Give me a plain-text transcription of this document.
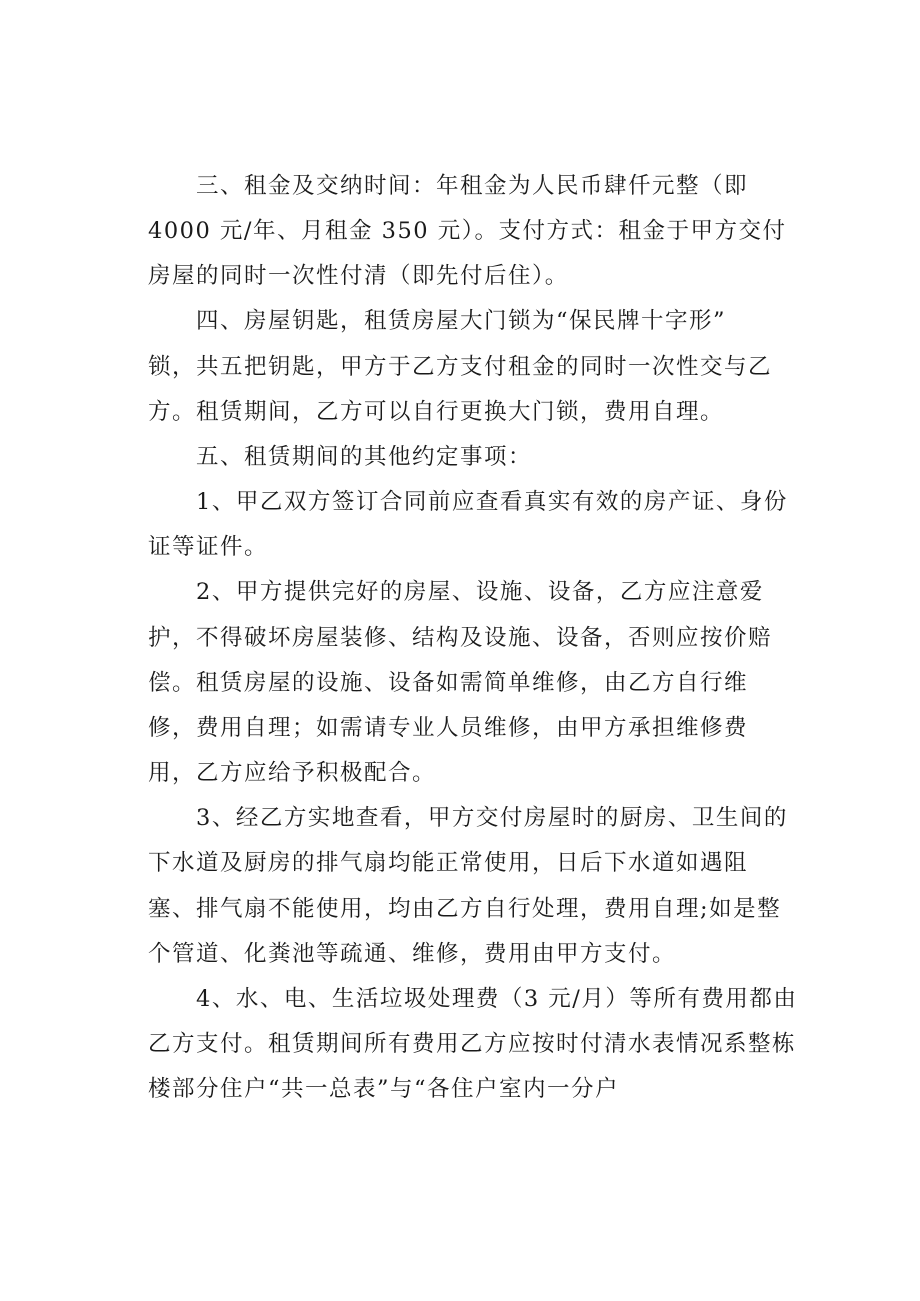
三、租金及交纳时间：年租金为人民币肆仟元整（即
4000 元/年、月租金 350 元）。支付方式：租金于甲方交付
房屋的同时一次性付清（即先付后住）。
四、房屋钥匙，租赁房屋大门锁为“保民牌十字形”
锁，共五把钥匙，甲方于乙方支付租金的同时一次性交与乙
方。租赁期间，乙方可以自行更换大门锁，费用自理。
五、租赁期间的其他约定事项：
1、甲乙双方签订合同前应查看真实有效的房产证、身份
证等证件。
2、甲方提供完好的房屋、设施、设备，乙方应注意爱
护，不得破坏房屋装修、结构及设施、设备，否则应按价赔
偿。租赁房屋的设施、设备如需简单维修，由乙方自行维
修，费用自理；如需请专业人员维修，由甲方承担维修费
用，乙方应给予积极配合。
3、经乙方实地查看，甲方交付房屋时的厨房、卫生间的
下水道及厨房的排气扇均能正常使用，日后下水道如遇阻
塞、排气扇不能使用，均由乙方自行处理，费用自理;如是整
个管道、化粪池等疏通、维修，费用由甲方支付。
4、水、电、生活垃圾处理费（3 元/月）等所有费用都由
乙方支付。租赁期间所有费用乙方应按时付清水表情况系整栋
楼部分住户“共一总表”与“各住户室内一分户
